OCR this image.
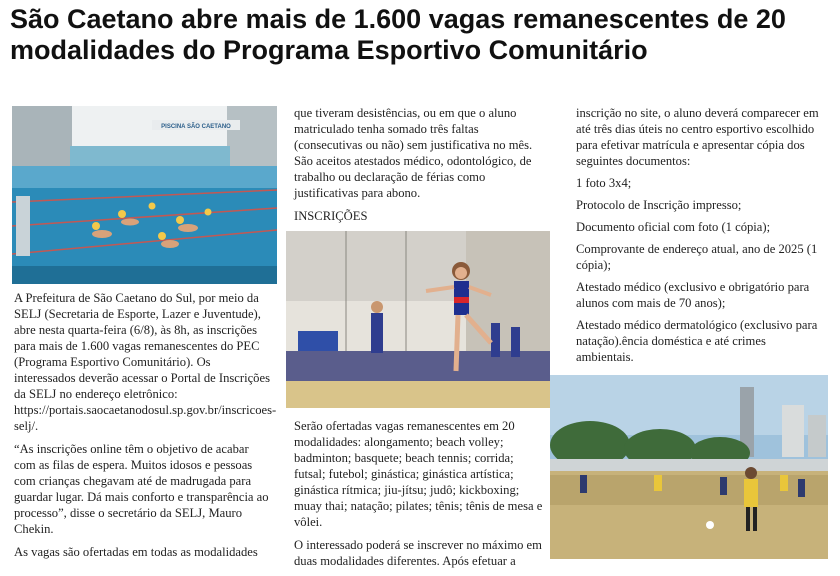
São Caetano abre mais de 1.600 vagas remanescentes de 20 modalidades do Programa Esportivo Comunitário
PISCINA SÃO CAETANO

A Prefeitura de São Caetano do Sul, por meio da SELJ (Secretaria de Esporte, Lazer e Juventude), abre nesta quarta-feira (6/8), às 8h, as inscrições para mais de 1.600 vagas remanescentes do PEC (Programa Esportivo Comunitário). Os interessados deverão acessar o Portal de Inscrições da SELJ no endereço eletrônico: https://portais.saocaetanodosul.sp.gov.br/inscricoes-selj/.

“As inscrições online têm o objetivo de acabar com as filas de espera. Muitos idosos e pessoas com crianças chegavam até de madrugada para guardar lugar. Dá mais conforto e transparência ao processo”, disse o secretário da SELJ, Mauro Chekin.

As vagas são ofertadas em todas as modalidades

que tiveram desistências, ou em que o aluno matriculado tenha somado três faltas (consecutivas ou não) sem justificativa no mês. São aceitos atestados médico, odontológico, de trabalho ou declaração de férias como justificativas para abono.

INSCRIÇÕES

Serão ofertadas vagas remanescentes em 20 modalidades: alongamento; beach volley; badminton; basquete; beach tennis; corrida; futsal; futebol; ginástica; ginástica artística; ginástica rítmica; jiu-jítsu; judô; kickboxing; muay thai; natação; pilates; tênis; tênis de mesa e vôlei.

O interessado poderá se inscrever no máximo em duas modalidades diferentes. Após efetuar a

inscrição no site, o aluno deverá comparecer em até três dias úteis no centro esportivo escolhido para efetivar matrícula e apresentar cópia dos seguintes documentos:

1 foto 3x4;

Protocolo de Inscrição impresso;

Documento oficial com foto (1 cópia);

Comprovante de endereço atual, ano de 2025 (1 cópia);

Atestado médico (exclusivo e obrigatório para alunos com mais de 70 anos);

Atestado médico dermatológico (exclusivo para natação).ência doméstica e até crimes ambientais.
